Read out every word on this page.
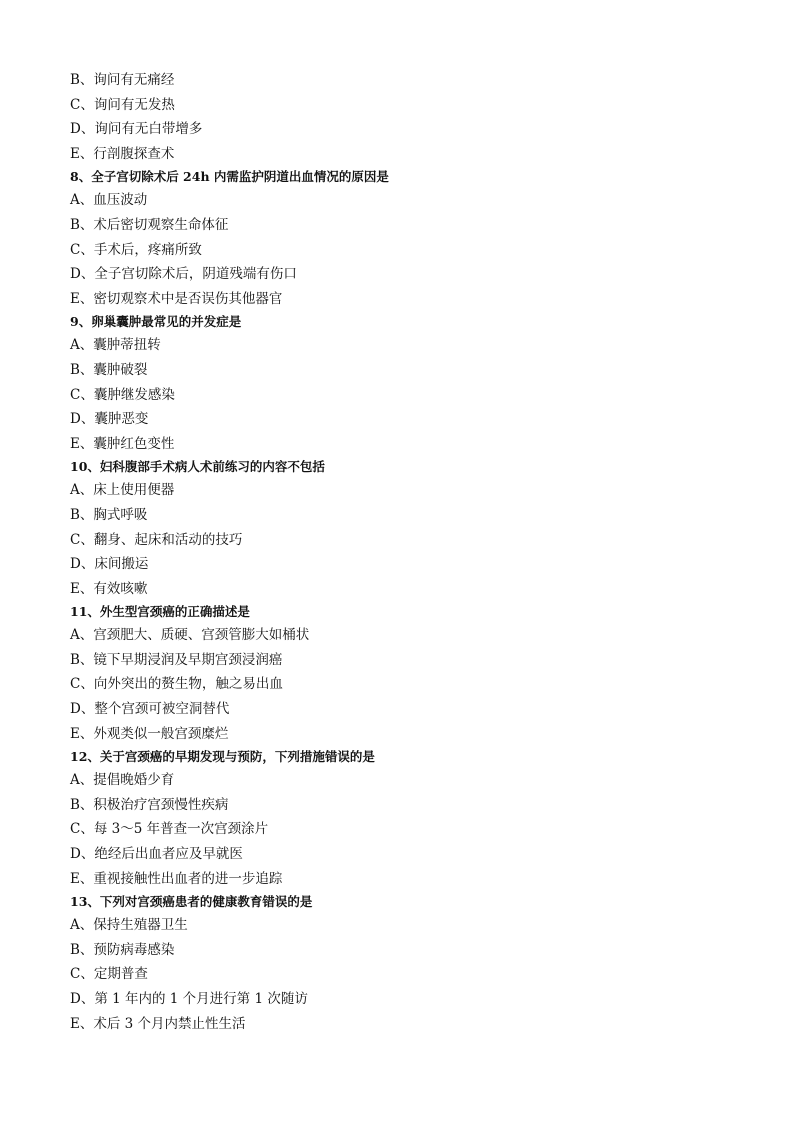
B、询问有无痛经
C、询问有无发热
D、询问有无白带增多
E、行剖腹探查术
8、全子宫切除术后 24h 内需监护阴道出血情况的原因是
A、血压波动
B、术后密切观察生命体征
C、手术后，疼痛所致
D、全子宫切除术后，阴道残端有伤口
E、密切观察术中是否误伤其他器官
9、卵巢囊肿最常见的并发症是
A、囊肿蒂扭转
B、囊肿破裂
C、囊肿继发感染
D、囊肿恶变
E、囊肿红色变性
10、妇科腹部手术病人术前练习的内容不包括
A、床上使用便器
B、胸式呼吸
C、翻身、起床和活动的技巧
D、床间搬运
E、有效咳嗽
11、外生型宫颈癌的正确描述是
A、宫颈肥大、质硬、宫颈管膨大如桶状
B、镜下早期浸润及早期宫颈浸润癌
C、向外突出的赘生物，触之易出血
D、整个宫颈可被空洞替代
E、外观类似一般宫颈糜烂
12、关于宫颈癌的早期发现与预防，下列措施错误的是
A、提倡晚婚少育
B、积极治疗宫颈慢性疾病
C、每 3～5 年普查一次宫颈涂片
D、绝经后出血者应及早就医
E、重视接触性出血者的进一步追踪
13、下列对宫颈癌患者的健康教育错误的是
A、保持生殖器卫生
B、预防病毒感染
C、定期普查
D、第 1 年内的 1 个月进行第 1 次随访
E、术后 3 个月内禁止性生活
